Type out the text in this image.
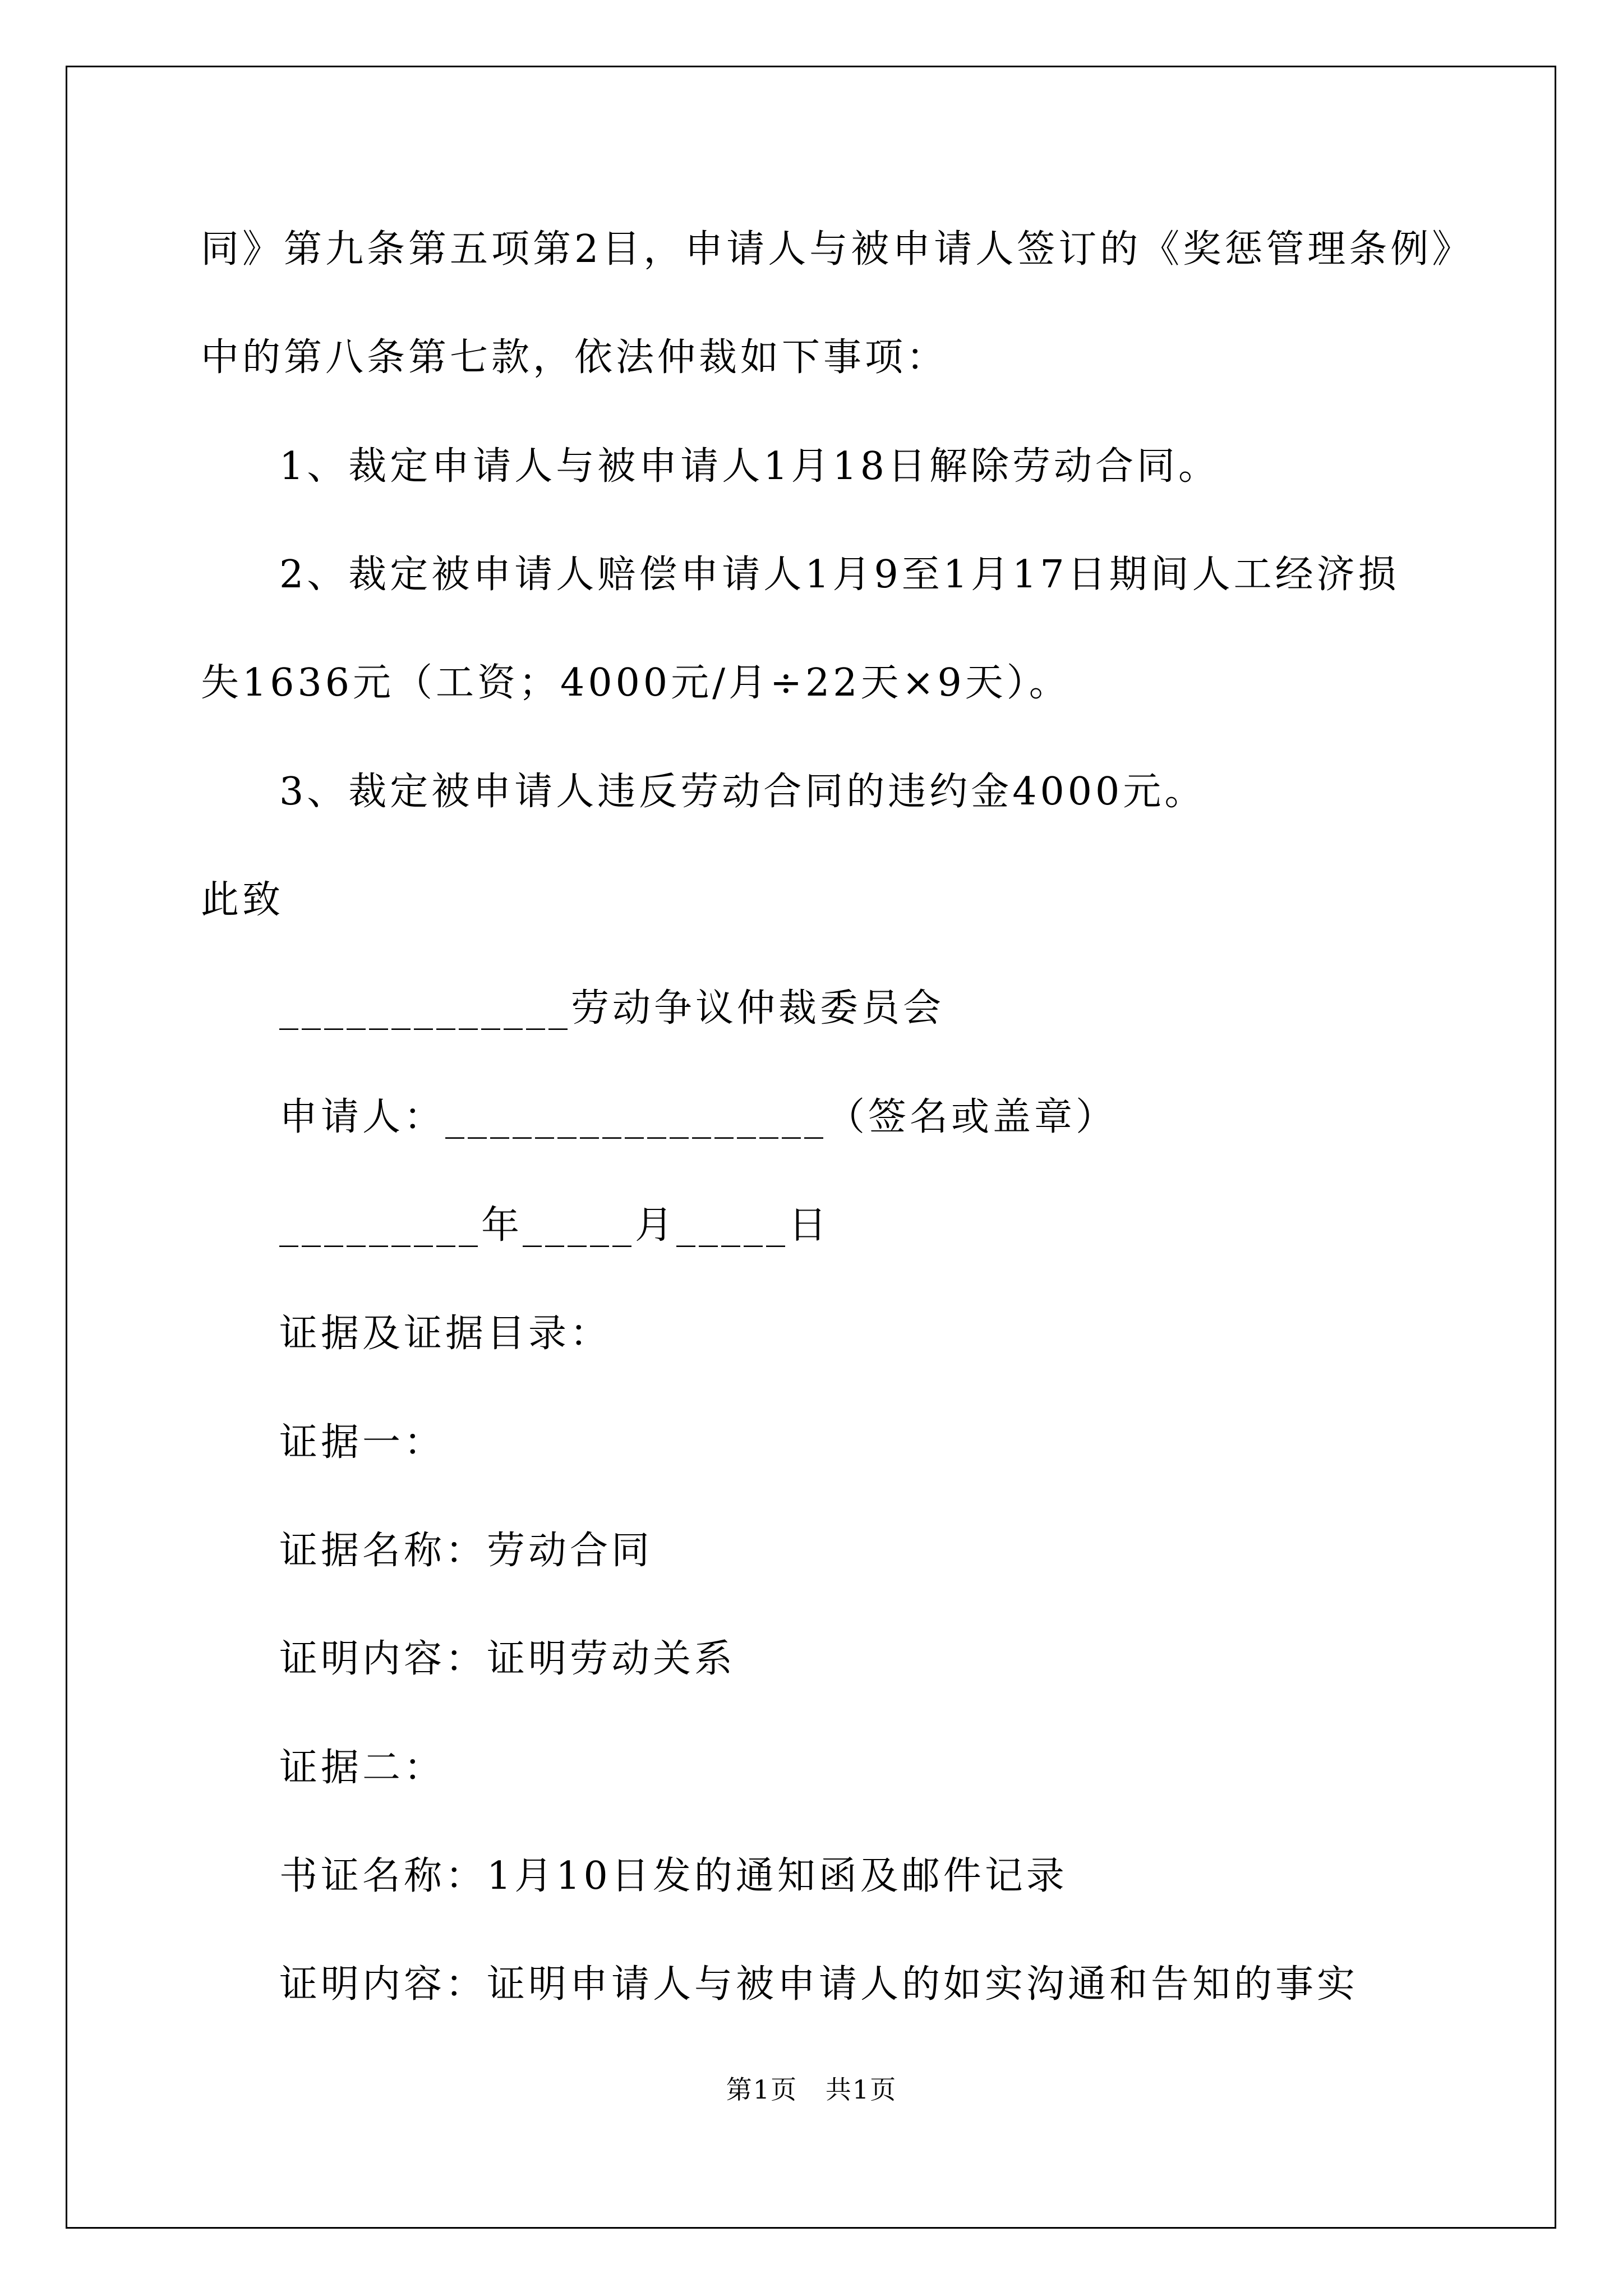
同》第九条第五项第2目，申请人与被申请人签订的《奖惩管理条例》
中的第八条第七款，依法仲裁如下事项：
1、裁定申请人与被申请人1月18日解除劳动合同。
2、裁定被申请人赔偿申请人1月9至1月17日期间人工经济损
失1636元（工资；4000元/月÷22天×9天）。
3、裁定被申请人违反劳动合同的违约金4000元。
此致
_____________劳动争议仲裁委员会
申请人：_________________（签名或盖章）
_________年_____月_____日
证据及证据目录：
证据一：
证据名称：劳动合同
证明内容：证明劳动关系
证据二：
书证名称：1月10日发的通知函及邮件记录
证明内容：证明申请人与被申请人的如实沟通和告知的事实
第1页   共1页
